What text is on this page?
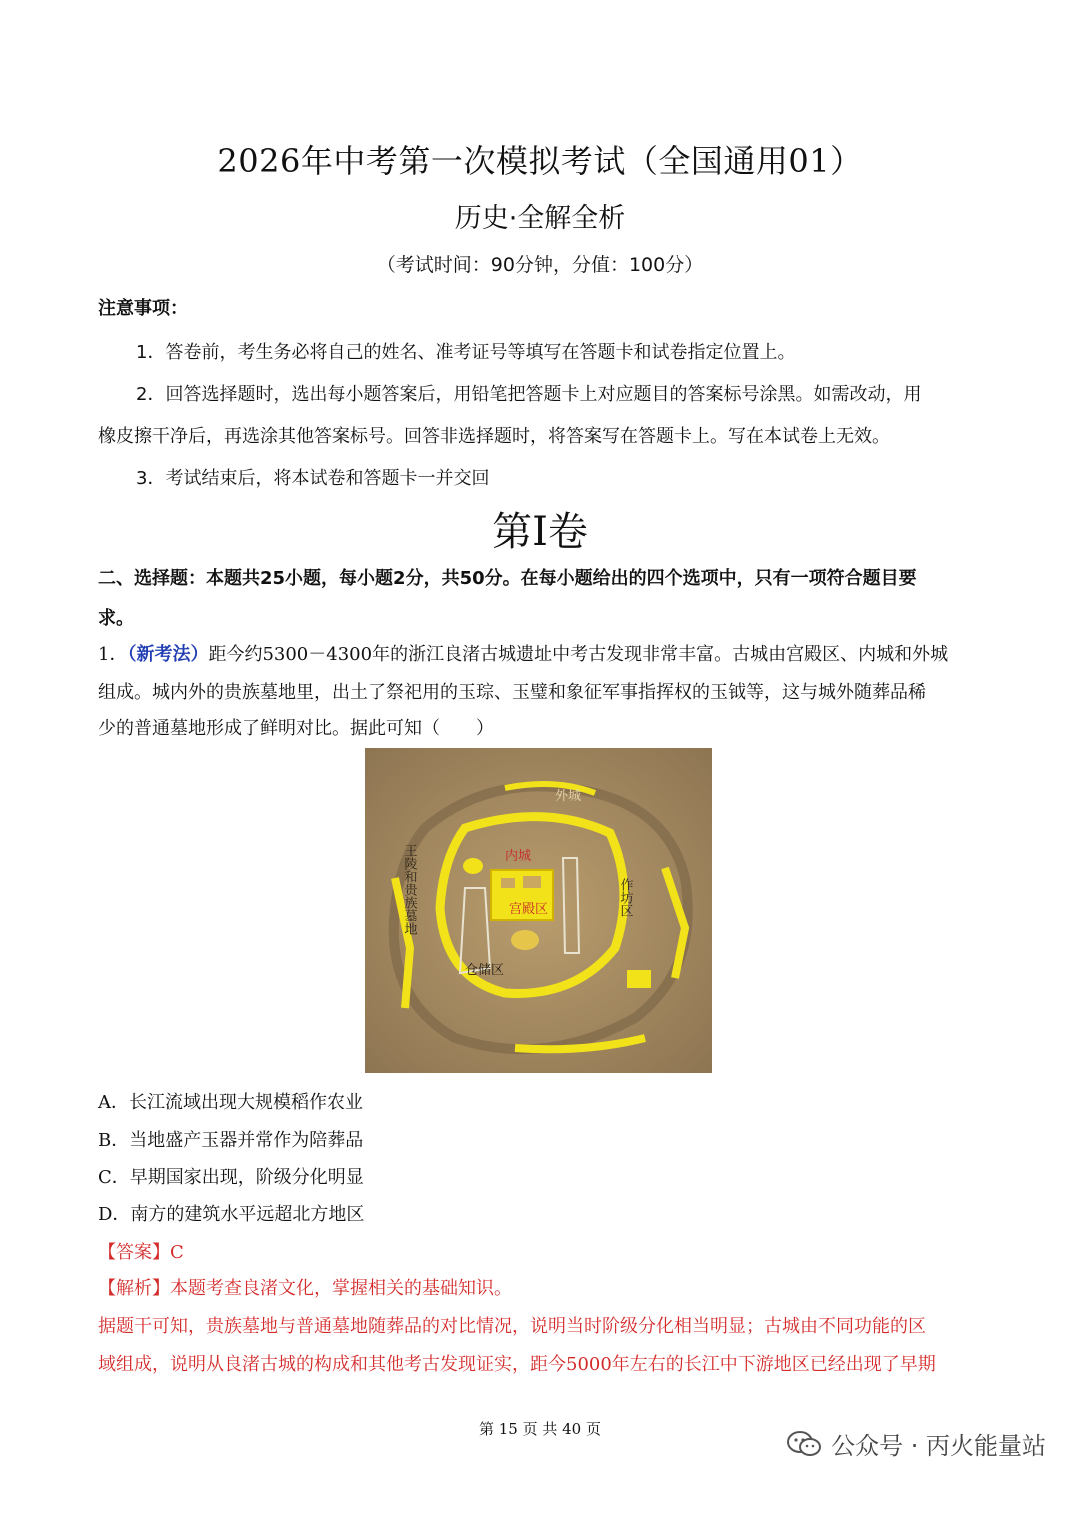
2026年中考第一次模拟考试（全国通用01）
历史·全解全析
（考试时间：90分钟，分值：100分）
注意事项：
1．答卷前，考生务必将自己的姓名、准考证号等填写在答题卡和试卷指定位置上。
2．回答选择题时，选出每小题答案后，用铅笔把答题卡上对应题目的答案标号涂黑。如需改动，用
橡皮擦干净后，再选涂其他答案标号。回答非选择题时，将答案写在答题卡上。写在本试卷上无效。
3．考试结束后，将本试卷和答题卡一并交回
第Ⅰ卷
二、选择题：本题共25小题，每小题2分，共50分。在每小题给出的四个选项中，只有一项符合题目要
求。
1．（新考法）距今约5300－4300年的浙江良渚古城遗址中考古发现非常丰富。古城由宫殿区、内城和外城
组成。城内外的贵族墓地里，出土了祭祀用的玉琮、玉璧和象征军事指挥权的玉钺等，这与城外随葬品稀
少的普通墓地形成了鲜明对比。据此可知（　　）
外城
内城
宫殿区
仓储区
作坊区
王陵和贵族墓地
A．长江流域出现大规模稻作农业
B．当地盛产玉器并常作为陪葬品
C．早期国家出现，阶级分化明显
D．南方的建筑水平远超北方地区
【答案】C
【解析】本题考查良渚文化，掌握相关的基础知识。
据题干可知，贵族墓地与普通墓地随葬品的对比情况，说明当时阶级分化相当明显；古城由不同功能的区
域组成，说明从良渚古城的构成和其他考古发现证实，距今5000年左右的长江中下游地区已经出现了早期
第 15 页 共 40 页
公众号 · 丙火能量站
